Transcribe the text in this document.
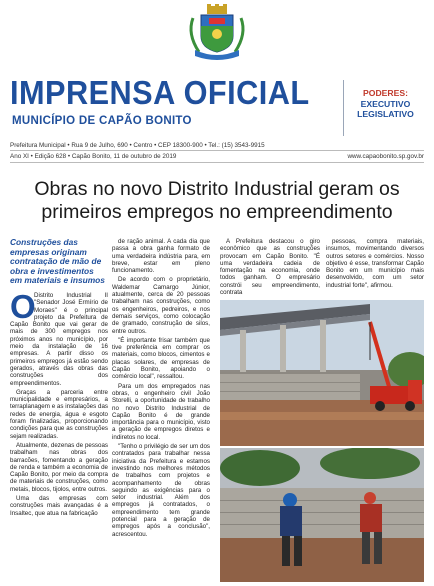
IMPRENSA OFICIAL
MUNICÍPIO DE CAPÃO BONITO
PODERES:
EXECUTIVO
LEGISLATIVO
Prefeitura Municipal • Rua 9 de Julho, 690 • Centro • CEP 18300-900 • Tel.: (15) 3543-9915
Ano XI • Edição 628 • Capão Bonito, 11 de outubro de 2019	www.capaobonito.sp.gov.br
Obras no novo Distrito Industrial geram os primeiros empregos no empreendimento
Construções das empresas originam contratação de mão de obra e investimentos em materiais e insumos
O

Distrito Industrial II "Senador José Ermírio de Moraes" é o principal projeto da Prefeitura de Capão Bonito que vai gerar de mais de 300 empregos nos próximos anos no município, por meio da instalação de 16 empresas. A partir disso os primeiros empregos já estão sendo gerados, através das obras das construções dos empreendimentos.

Graças a parceria entre municipalidade e empresários, a terraplanagem e as instalações das redes de energia, água e esgoto foram finalizadas, proporcionando condições para que as construções sejam realizadas.

Atualmente, dezenas de pessoas trabalham nas obras dos barracões, fomentando a geração de renda e também a economia de Capão Bonito, por meio da compra de materiais de construções, como metais, blocos, tijolos, entre outros.

Uma das empresas com construções mais avançadas é a Insaltec, que atua na fabricação

de ração animal. A cada dia que passa a obra ganha formato de uma verdadeira indústria para, em breve, estar em pleno funcionamento.

De acordo com o proprietário, Waldemar Camargo Júnior, atualmente, cerca de 20 pessoas trabalham nas construções, como os engenheiros, pedreiros, e nos demais serviços, como colocação de gramado, construção de silos, entre outros.

"É importante frisar também que tive preferência em comprar os materiais, como blocos, cimentos e placas solares, de empresas de Capão Bonito, apoiando o comércio local", ressaltou.

Para um dos empregados nas obras, o engenheiro civil João Storelli, a oportunidade de trabalho no novo Distrito Industrial de Capão Bonito é de grande importância para o município, visto a geração de empregos diretos e indiretos no local.

"Tenho o privilégio de ser um dos contratados para trabalhar nessa iniciativa da Prefeitura e estamos investindo nos melhores métodos de trabalhos com projetos e acompanhamento de obras seguindo as exigências para o setor industrial. Além dos empregos já contratados, o empreendimento tem grande potencial para a geração de empregos após a conclusão", acrescentou.

A Prefeitura destacou o giro econômico que as construções provocam em Capão Bonito. "É uma verdadeira cadeia de fomentação na economia, onde todos ganham. O empresário constrói seu empreendimento, contrata

pessoas, compra materiais, insumos, movimentando diversos outros setores e comércios. Nosso objetivo é esse, transformar Capão Bonito em um município mais desenvolvido, com um setor industrial forte", afirmou.
